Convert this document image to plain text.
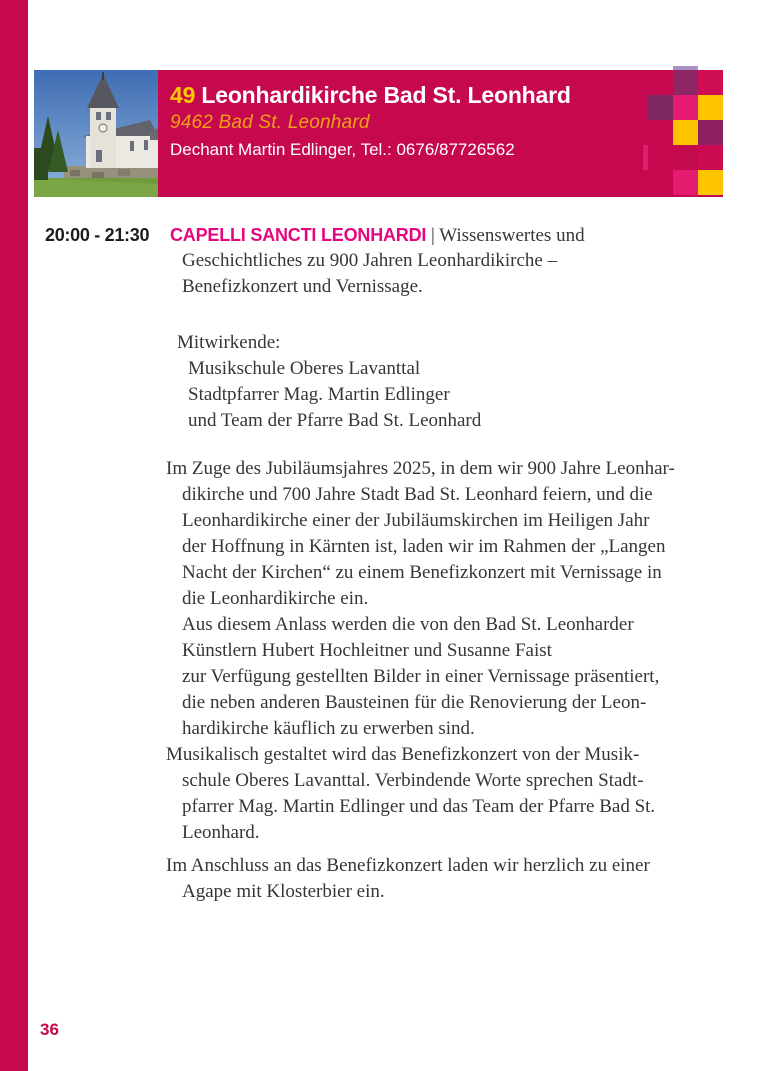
49 Leonhardikirche Bad St. Leonhard
9462 Bad St. Leonhard
Dechant Martin Edlinger, Tel.: 0676/87726562
20:00 - 21:30 CAPELLI SANCTI LEONHARDI | Wissenswertes und
Geschichtliches zu 900 Jahren Leonhardikirche –
Benefizkonzert und Vernissage.
Mitwirkende:
Musikschule Oberes Lavanttal
Stadtpfarrer Mag. Martin Edlinger
und Team der Pfarre Bad St. Leonhard
Im Zuge des Jubiläumsjahres 2025, in dem wir 900 Jahre Leonhar-
dikirche und 700 Jahre Stadt Bad St. Leonhard feiern, und die
Leonhardikirche einer der Jubiläumskirchen im Heiligen Jahr
der Hoffnung in Kärnten ist, laden wir im Rahmen der „Langen
Nacht der Kirchen“ zu einem Benefizkonzert mit Vernissage in
die Leonhardikirche ein.
Aus diesem Anlass werden die von den Bad St. Leonharder
Künstlern Hubert Hochleitner und Susanne Faist
zur Verfügung gestellten Bilder in einer Vernissage präsentiert,
die neben anderen Bausteinen für die Renovierung der Leon-
hardikirche käuflich zu erwerben sind.
Musikalisch gestaltet wird das Benefizkonzert von der Musik-
schule Oberes Lavanttal. Verbindende Worte sprechen Stadt-
pfarrer Mag. Martin Edlinger und das Team der Pfarre Bad St.
Leonhard.
Im Anschluss an das Benefizkonzert laden wir herzlich zu einer
Agape mit Klosterbier ein.
36
